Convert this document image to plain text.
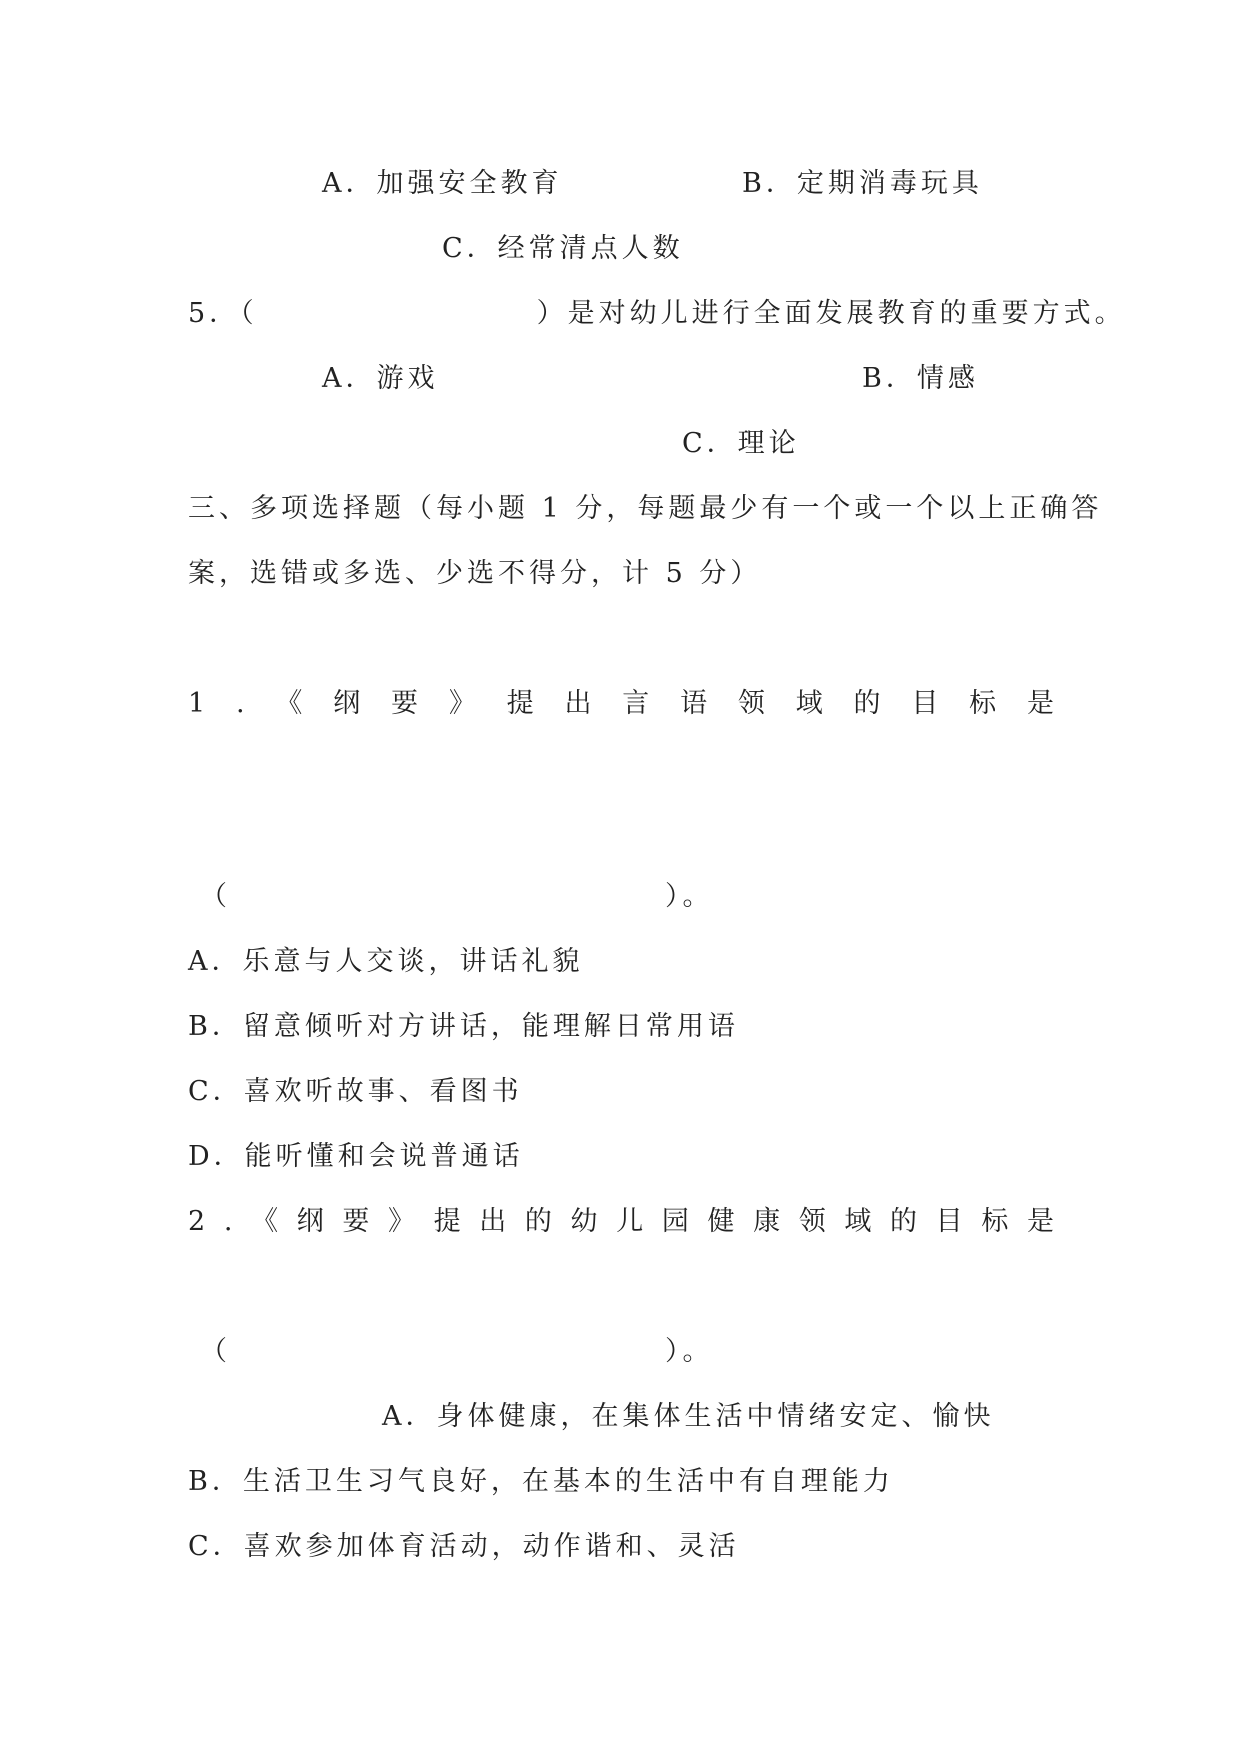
A．加强安全教育	B．定期消毒玩具
C．经常清点人数
5．（　　　　　　　　　）是对幼儿进行全面发展教育的重要方式。
A．游戏	B．情感
C．理论
三、多项选择题（每小题 1 分，每题最少有一个或一个以上正确答
案，选错或多选、少选不得分，计 5 分）
1 . 《 纲 要 》 提 出 言 语 领 域 的 目 标 是
（　　　　　　　　　　　　　　）。
A．乐意与人交谈，讲话礼貌
B．留意倾听对方讲话，能理解日常用语
C．喜欢听故事、看图书
D．能听懂和会说普通话
2 . 《 纲 要 》 提 出 的 幼 儿 园 健 康 领 域 的 目 标 是
（　　　　　　　　　　　　　　）。
A．身体健康，在集体生活中情绪安定、愉快
B．生活卫生习气良好，在基本的生活中有自理能力
C．喜欢参加体育活动，动作谐和、灵活
